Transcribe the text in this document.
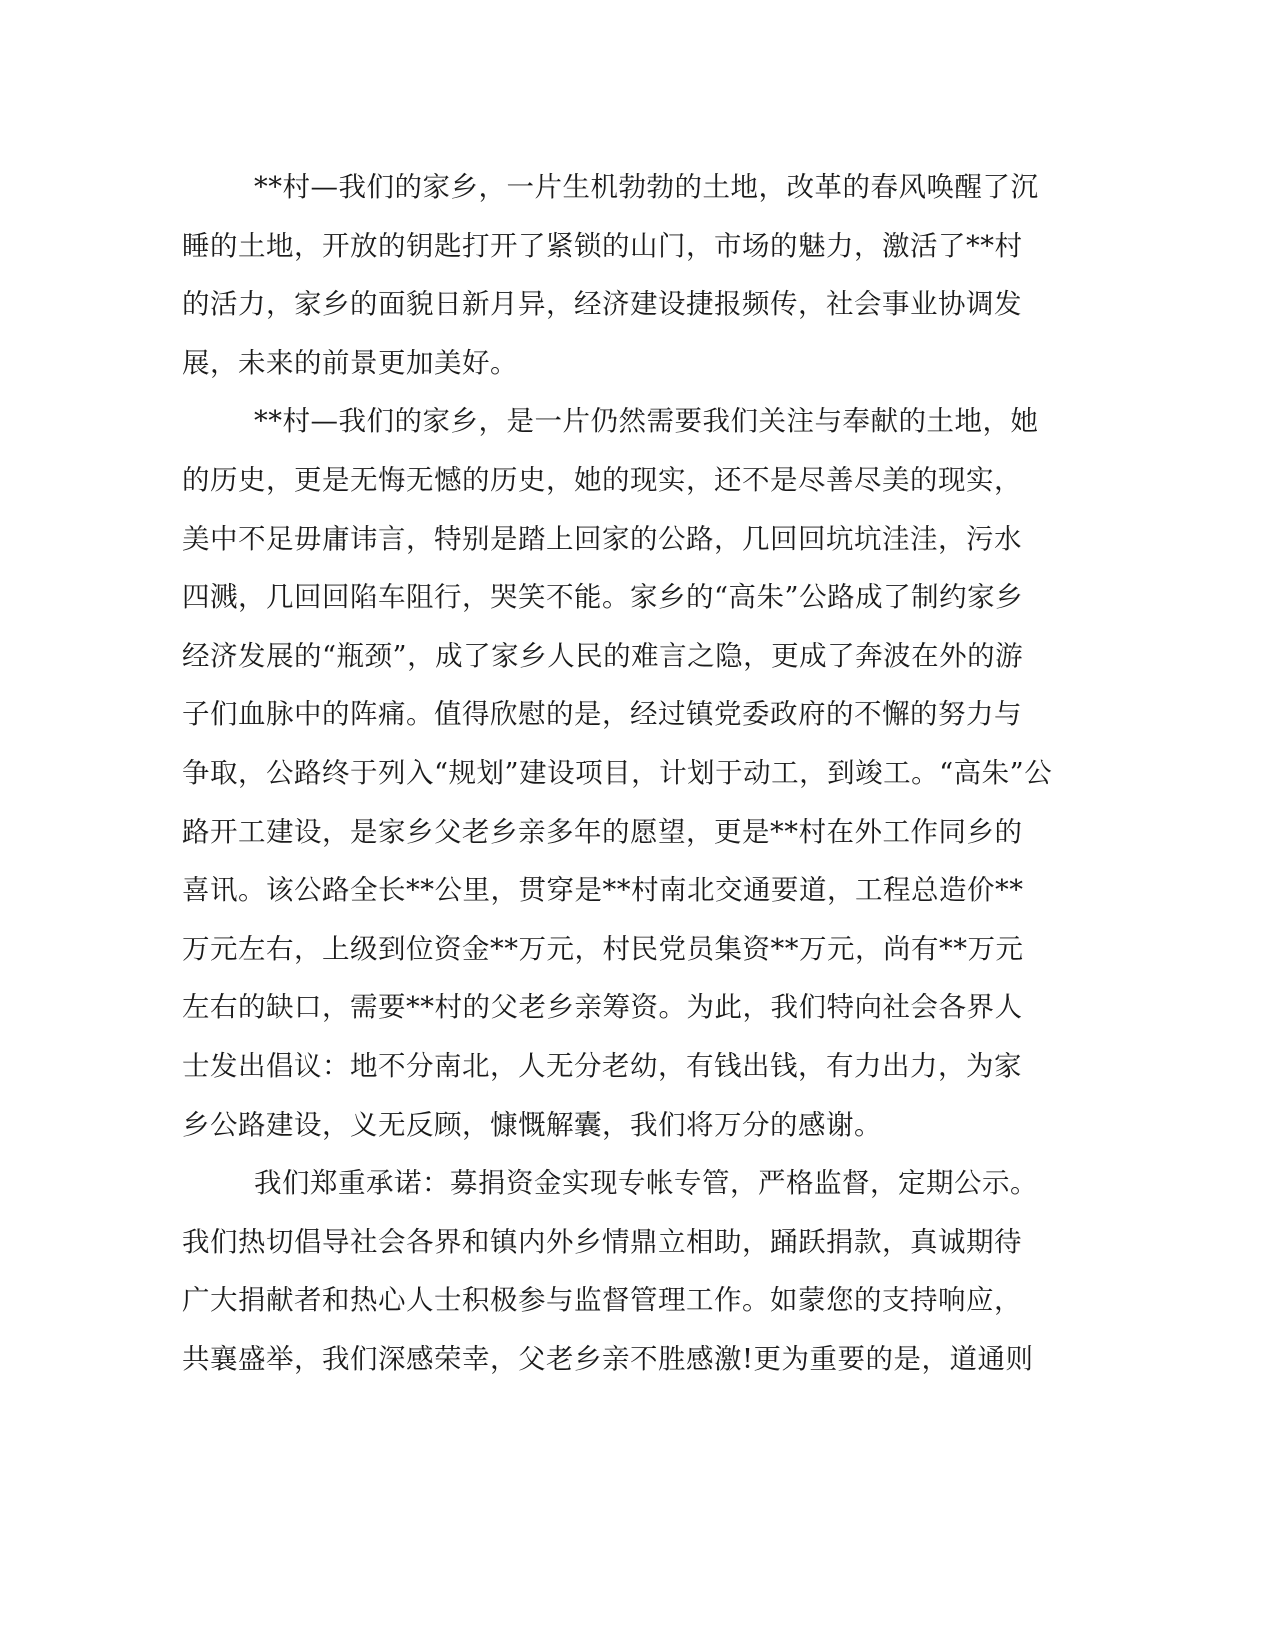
**村—我们的家乡，一片生机勃勃的土地，改革的春风唤醒了沉
睡的土地，开放的钥匙打开了紧锁的山门，市场的魅力，激活了**村
的活力，家乡的面貌日新月异，经济建设捷报频传，社会事业协调发
展，未来的前景更加美好。
**村—我们的家乡，是一片仍然需要我们关注与奉献的土地，她
的历史，更是无悔无憾的历史，她的现实，还不是尽善尽美的现实，
美中不足毋庸讳言，特别是踏上回家的公路，几回回坑坑洼洼，污水
四溅，几回回陷车阻行，哭笑不能。家乡的“高朱”公路成了制约家乡
经济发展的“瓶颈”，成了家乡人民的难言之隐，更成了奔波在外的游
子们血脉中的阵痛。值得欣慰的是，经过镇党委政府的不懈的努力与
争取，公路终于列入“规划”建设项目，计划于动工，到竣工。“高朱”公
路开工建设，是家乡父老乡亲多年的愿望，更是**村在外工作同乡的
喜讯。该公路全长**公里，贯穿是**村南北交通要道，工程总造价**
万元左右，上级到位资金**万元，村民党员集资**万元，尚有**万元
左右的缺口，需要**村的父老乡亲筹资。为此，我们特向社会各界人
士发出倡议：地不分南北，人无分老幼，有钱出钱，有力出力，为家
乡公路建设，义无反顾，慷慨解囊，我们将万分的感谢。
我们郑重承诺：募捐资金实现专帐专管，严格监督，定期公示。
我们热切倡导社会各界和镇内外乡情鼎立相助，踊跃捐款，真诚期待
广大捐献者和热心人士积极参与监督管理工作。如蒙您的支持响应，
共襄盛举，我们深感荣幸，父老乡亲不胜感激!更为重要的是，道通则
